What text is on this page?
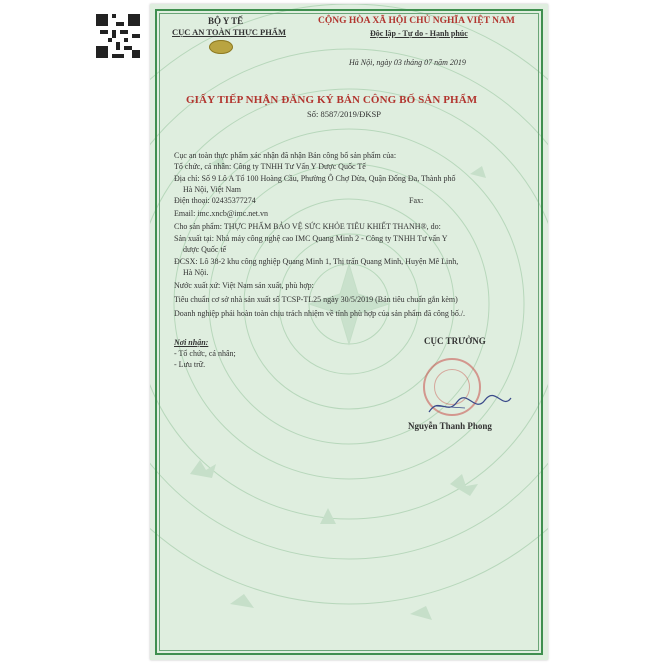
BỘ Y TẾ
CỤC AN TOÀN THỰC PHẨM
CỘNG HÒA XÃ HỘI CHỦ NGHĨA VIỆT NAM
Độc lập - Tự do - Hạnh phúc
Hà Nội, ngày 03 tháng 07 năm 2019
GIẤY TIẾP NHẬN ĐĂNG KÝ BẢN CÔNG BỐ SẢN PHẨM
Số: 8587/2019/ĐKSP
Cục an toàn thực phẩm xác nhận đã nhận Bản công bố sản phẩm của:
Tổ chức, cá nhân: Công ty TNHH Tư Vấn Y Dược Quốc Tế
Địa chỉ: Số 9 Lô A Tổ 100 Hoàng Cầu, Phường Ô Chợ Dừa, Quận Đống Đa, Thành phố
Hà Nội, Việt Nam
Điện thoại: 02435377274	Fax:
Email: imc.xncb@imc.net.vn
Cho sản phẩm: THỰC PHẨM BẢO VỆ SỨC KHỎE TIÊU KHIẾT THANH®, do:
Sản xuất tại: Nhà máy công nghệ cao IMC Quang Minh 2 - Công ty TNHH Tư vấn Y
dược Quốc tế
ĐCSX: Lô 38-2 khu công nghiệp Quang Minh 1, Thị trấn Quang Minh, Huyện Mê Linh,
Hà Nội.
Nước xuất xứ: Việt Nam sản xuất, phù hợp:
Tiêu chuẩn cơ sở nhà sản xuất số TCSP-TL25 ngày 30/5/2019 (Bản tiêu chuẩn gắn kèm)
Doanh nghiệp phải hoàn toàn chịu trách nhiệm về tính phù hợp của sản phẩm đã công bố./.
Nơi nhận:
- Tổ chức, cá nhân;
- Lưu trữ.
CỤC TRƯỞNG
Nguyễn Thanh Phong
